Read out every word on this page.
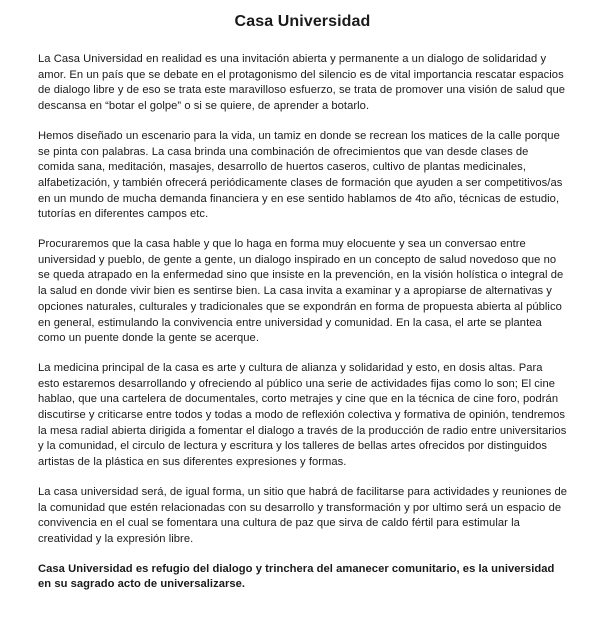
Casa Universidad

La Casa Universidad en realidad es una invitación abierta y permanente a un dialogo de solidaridad y amor. En un país que se debate en el protagonismo del silencio es de vital importancia rescatar espacios de dialogo libre y de eso se trata este maravilloso esfuerzo, se trata de promover una visión de salud que descansa en “botar el golpe” o si se quiere, de aprender a botarlo.

Hemos diseñado un escenario para la vida, un tamiz en donde se recrean los matices de la calle porque se pinta con palabras. La casa brinda una combinación de ofrecimientos que van desde clases de comida sana, meditación, masajes, desarrollo de huertos caseros, cultivo de plantas medicinales, alfabetización, y también ofrecerá periódicamente clases de formación que ayuden a ser competitivos/as en un mundo de mucha demanda financiera y en ese sentido hablamos de 4to año, técnicas de estudio, tutorías en diferentes campos etc.

Procuraremos que la casa hable y que lo haga en forma muy elocuente y sea un conversao entre universidad y pueblo, de gente a gente, un dialogo inspirado en un concepto de salud novedoso que no se queda atrapado en la enfermedad sino que insiste en la prevención, en la visión holística o integral de la salud en donde vivir bien es sentirse bien. La casa invita a examinar y a apropiarse de alternativas y opciones naturales, culturales y tradicionales que se expondrán en forma de propuesta abierta al público en general, estimulando la convivencia entre universidad y comunidad. En la casa, el arte se plantea como un puente donde la gente se acerque.

La medicina principal de la casa es arte y cultura de alianza y solidaridad y esto, en dosis altas. Para esto estaremos desarrollando y ofreciendo al público una serie de actividades fijas como lo son; El cine hablao, que una cartelera de documentales, corto metrajes y cine que en la técnica de cine foro, podrán discutirse y criticarse entre todos y todas a modo de reflexión colectiva y formativa de opinión, tendremos la mesa radial abierta dirigida a fomentar el dialogo a través de la producción de radio entre universitarios y la comunidad, el circulo de lectura y escritura y los talleres de bellas artes ofrecidos por distinguidos artistas de la plástica en sus diferentes expresiones y formas.

La casa universidad será, de igual forma, un sitio que habrá de facilitarse para actividades y reuniones de la comunidad que estén relacionadas con su desarrollo y transformación y por ultimo será un espacio de convivencia en el cual se fomentara una cultura de paz que sirva de caldo fértil para estimular la creatividad y la expresión libre.

Casa Universidad es refugio del dialogo y trinchera del amanecer comunitario, es la universidad en su sagrado acto de universalizarse.
